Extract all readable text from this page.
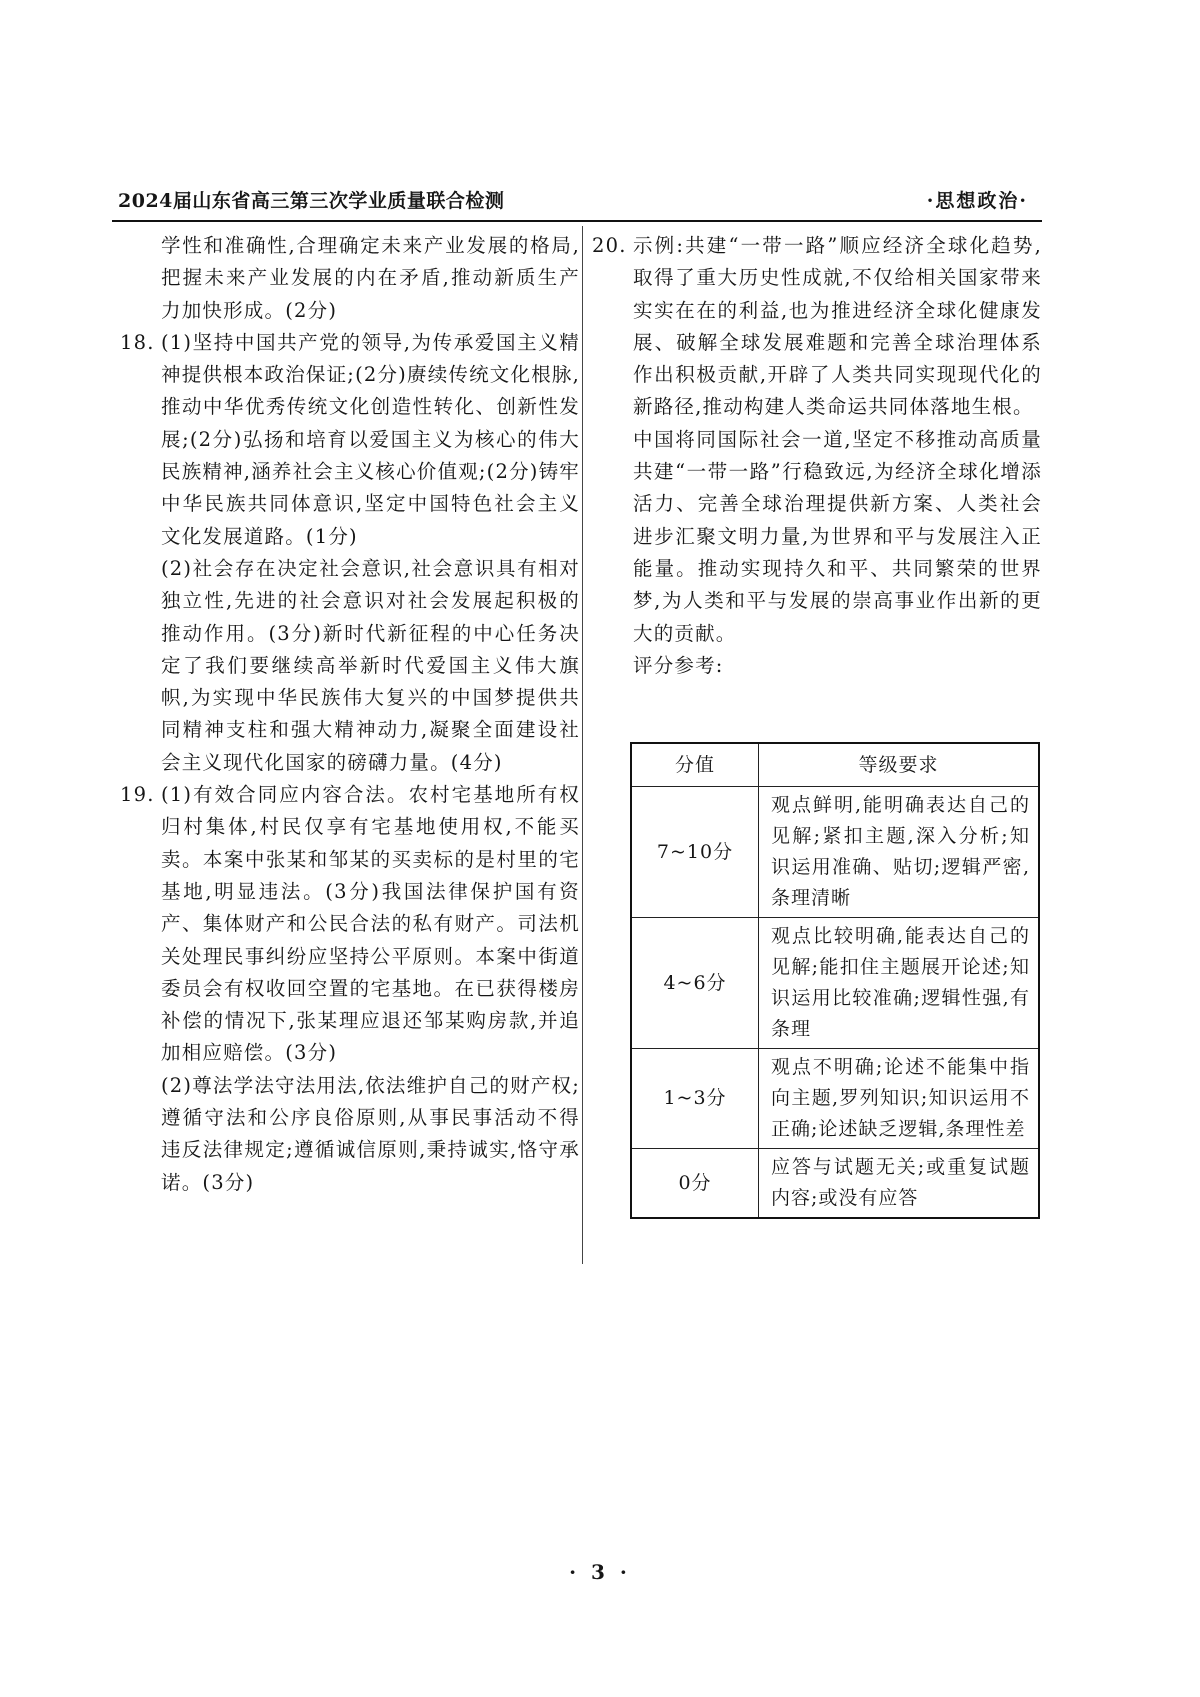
2024届山东省高三第三次学业质量联合检测	·思想政治·

学性和准确性,合理确定未来产业发展的格局,把握未来产业发展的内在矛盾,推动新质生产力加快形成。(2分)

18. (1)坚持中国共产党的领导,为传承爱国主义精神提供根本政治保证;(2分)赓续传统文化根脉,推动中华优秀传统文化创造性转化、创新性发展;(2分)弘扬和培育以爱国主义为核心的伟大民族精神,涵养社会主义核心价值观;(2分)铸牢中华民族共同体意识,坚定中国特色社会主义文化发展道路。(1分)

(2)社会存在决定社会意识,社会意识具有相对独立性,先进的社会意识对社会发展起积极的推动作用。(3分)新时代新征程的中心任务决定了我们要继续高举新时代爱国主义伟大旗帜,为实现中华民族伟大复兴的中国梦提供共同精神支柱和强大精神动力,凝聚全面建设社会主义现代化国家的磅礴力量。(4分)

19. (1)有效合同应内容合法。农村宅基地所有权归村集体,村民仅享有宅基地使用权,不能买卖。本案中张某和邹某的买卖标的是村里的宅基地,明显违法。(3分)我国法律保护国有资产、集体财产和公民合法的私有财产。司法机关处理民事纠纷应坚持公平原则。本案中街道委员会有权收回空置的宅基地。在已获得楼房补偿的情况下,张某理应退还邹某购房款,并追加相应赔偿。(3分)

(2)尊法学法守法用法,依法维护自己的财产权;遵循守法和公序良俗原则,从事民事活动不得违反法律规定;遵循诚信原则,秉持诚实,恪守承诺。(3分)

20. 示例:共建“一带一路”顺应经济全球化趋势,取得了重大历史性成就,不仅给相关国家带来实实在在的利益,也为推进经济全球化健康发展、破解全球发展难题和完善全球治理体系作出积极贡献,开辟了人类共同实现现代化的新路径,推动构建人类命运共同体落地生根。

中国将同国际社会一道,坚定不移推动高质量共建“一带一路”行稳致远,为经济全球化增添活力、完善全球治理提供新方案、人类社会进步汇聚文明力量,为世界和平与发展注入正能量。推动实现持久和平、共同繁荣的世界梦,为人类和平与发展的崇高事业作出新的更大的贡献。

评分参考:

分值	等级要求
7~10分	观点鲜明,能明确表达自己的见解;紧扣主题,深入分析;知识运用准确、贴切;逻辑严密,条理清晰
4~6分	观点比较明确,能表达自己的见解;能扣住主题展开论述;知识运用比较准确;逻辑性强,有条理
1~3分	观点不明确;论述不能集中指向主题,罗列知识;知识运用不正确;论述缺乏逻辑,条理性差
0分	应答与试题无关;或重复试题内容;或没有应答
· 3 ·
